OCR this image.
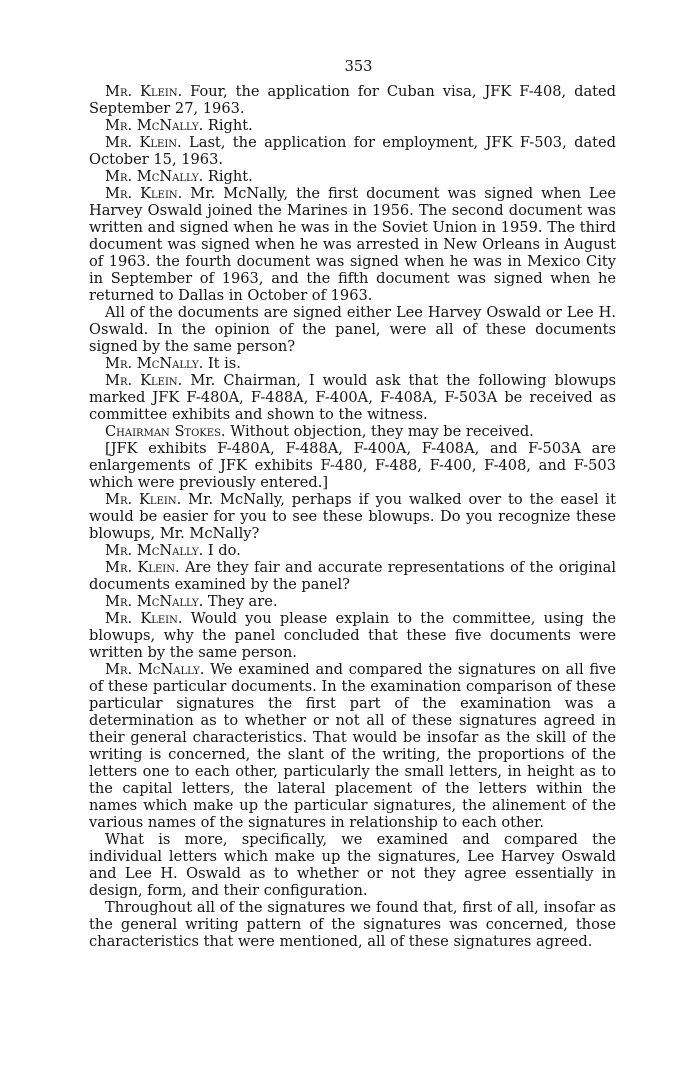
353

Mr. Klein. Four, the application for Cuban visa, JFK F-408, dated September 27, 1963.

Mr. McNally. Right.

Mr. Klein. Last, the application for employment, JFK F-503, dated October 15, 1963.

Mr. McNally. Right.

Mr. Klein. Mr. McNally, the first document was signed when Lee Harvey Oswald joined the Marines in 1956. The second document was written and signed when he was in the Soviet Union in 1959. The third document was signed when he was arrested in New Orleans in August of 1963. the fourth document was signed when he was in Mexico City in September of 1963, and the fifth document was signed when he returned to Dallas in October of 1963.

All of the documents are signed either Lee Harvey Oswald or Lee H. Oswald. In the opinion of the panel, were all of these documents signed by the same person?

Mr. McNally. It is.

Mr. Klein. Mr. Chairman, I would ask that the following blowups marked JFK F-480A, F-488A, F-400A, F-408A, F-503A be received as committee exhibits and shown to the witness.

Chairman Stokes. Without objection, they may be received.

[JFK exhibits F-480A, F-488A, F-400A, F-408A, and F-503A are enlargements of JFK exhibits F-480, F-488, F-400, F-408, and F-503 which were previously entered.]

Mr. Klein. Mr. McNally, perhaps if you walked over to the easel it would be easier for you to see these blowups. Do you recognize these blowups, Mr. McNally?

Mr. McNally. I do.

Mr. Klein. Are they fair and accurate representations of the original documents examined by the panel?

Mr. McNally. They are.

Mr. Klein. Would you please explain to the committee, using the blowups, why the panel concluded that these five documents were written by the same person.

Mr. McNally. We examined and compared the signatures on all five of these particular documents. In the examination comparison of these particular signatures the first part of the examination was a determination as to whether or not all of these signatures agreed in their general characteristics. That would be insofar as the skill of the writing is concerned, the slant of the writing, the proportions of the letters one to each other, particularly the small letters, in height as to the capital letters, the lateral placement of the letters within the names which make up the particular signatures, the alinement of the various names of the signatures in relationship to each other.

What is more, specifically, we examined and compared the individual letters which make up the signatures, Lee Harvey Oswald and Lee H. Oswald as to whether or not they agree essentially in design, form, and their configuration.

Throughout all of the signatures we found that, first of all, insofar as the general writing pattern of the signatures was concerned, those characteristics that were mentioned, all of these signatures agreed.
